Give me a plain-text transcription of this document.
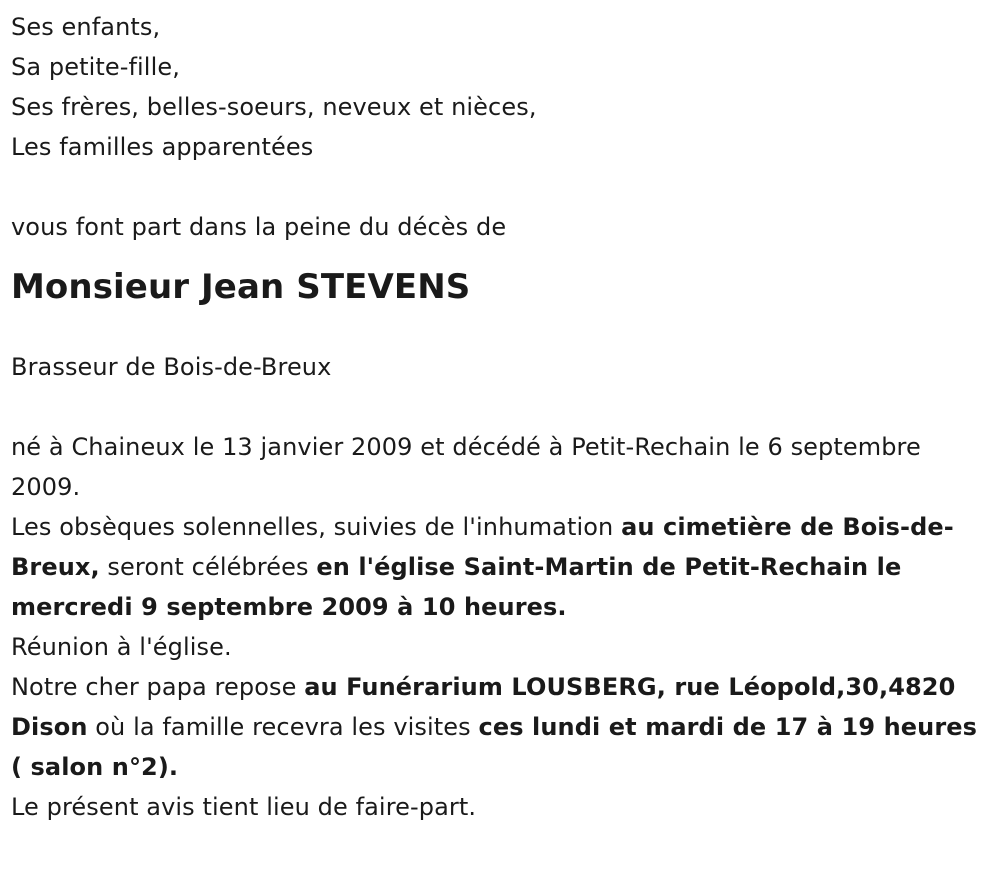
Ses enfants,
Sa petite-fille,
Ses frères, belles-soeurs, neveux et nièces,
Les familles apparentées
vous font part dans la peine du décès de
Monsieur Jean STEVENS
Brasseur de Bois-de-Breux
né à Chaineux le 13 janvier 2009 et décédé à Petit-Rechain le 6 septembre 2009.
Les obsèques solennelles, suivies de l'inhumation au cimetière de Bois-de-Breux, seront célébrées en l'église Saint-Martin de Petit-Rechain le mercredi 9 septembre 2009 à 10 heures.
Réunion à l'église.
Notre cher papa repose au Funérarium LOUSBERG, rue Léopold,30,4820 Dison où la famille recevra les visites ces lundi et mardi de 17 à 19 heures ( salon n°2).
Le présent avis tient lieu de faire-part.
